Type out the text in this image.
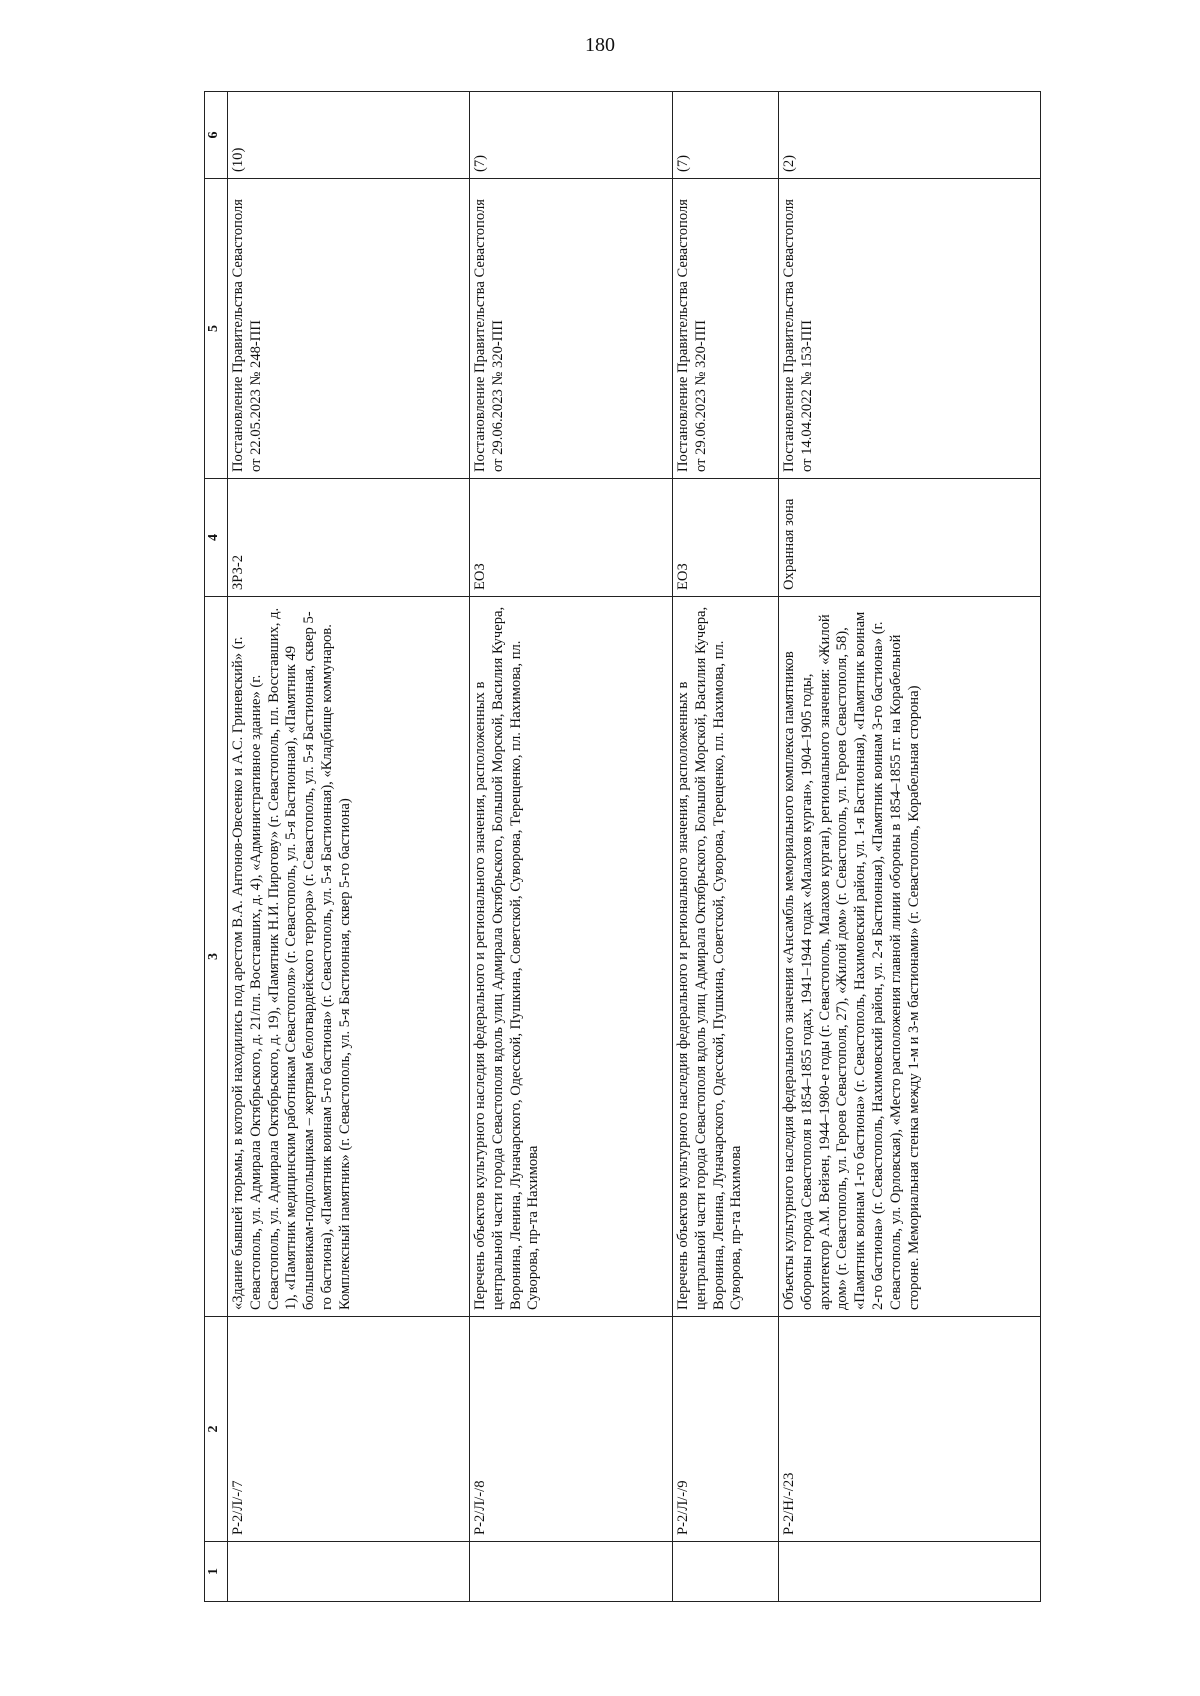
180
1	2	3	4	5	6
	Р-2/Л/-/7	«Здание бывшей тюрьмы, в которой находились под арестом В.А. Антонов-Овсеенко и А.С. Гриневский» (г. Севастополь, ул. Адмирала Октябрьского, д. 21/пл. Восставших, д. 4), «Административное здание» (г. Севастополь, ул. Адмирала Октябрьского, д. 19), «Памятник Н.И. Пирогову» (г. Севастополь, пл. Восставших, д. 1), «Памятник медицинским работникам Севастополя» (г. Севастополь, ул. 5-я Бастионная), «Памятник 49 большевикам-подпольщикам – жертвам белогвардейского террора» (г. Севастополь, ул. 5-я Бастионная, сквер 5-го бастиона), «Памятник воинам 5-го бастиона» (г. Севастополь, ул. 5-я Бастионная), «Кладбище коммунаров. Комплексный памятник» (г. Севастополь, ул. 5-я Бастионная, сквер 5-го бастиона)	ЗРЗ-2	Постановление Правительства Севастополя от 22.05.2023 № 248-ПП	(10)
	Р-2/Л/-/8	Перечень объектов культурного наследия федерального и регионального значения, расположенных в центральной части города Севастополя вдоль улиц Адмирала Октябрьского, Большой Морской, Василия Кучера, Воронина, Ленина, Луначарского, Одесской, Пушкина, Советской, Суворова, Терещенко, пл. Нахимова, пл. Суворова, пр-та Нахимова	ЕОЗ	Постановление Правительства Севастополя от 29.06.2023 № 320-ПП	(7)
	Р-2/Л/-/9	Перечень объектов культурного наследия федерального и регионального значения, расположенных в центральной части города Севастополя вдоль улиц Адмирала Октябрьского, Большой Морской, Василия Кучера, Воронина, Ленина, Луначарского, Одесской, Пушкина, Советской, Суворова, Терещенко, пл. Нахимова, пл. Суворова, пр-та Нахимова	ЕОЗ	Постановление Правительства Севастополя от 29.06.2023 № 320-ПП	(7)
	Р-2/Н/-/23	Объекты культурного наследия федерального значения «Ансамбль мемориального комплекса памятников обороны города Севастополя в 1854–1855 годах, 1941–1944 годах «Малахов курган», 1904–1905 годы, архитектор А.М. Вейзен, 1944–1980-е годы (г. Севастополь, Малахов курган), регионального значения: «Жилой дом» (г. Севастополь, ул. Героев Севастополя, 27), «Жилой дом» (г. Севастополь, ул. Героев Севастополя, 58), «Памятник воинам 1-го бастиона» (г. Севастополь, Нахимовский район, ул. 1-я Бастионная), «Памятник воинам 2-го бастиона» (г. Севастополь, Нахимовский район, ул. 2-я Бастионная), «Памятник воинам 3-го бастиона» (г. Севастополь, ул. Орловская), «Место расположения главной линии обороны в 1854–1855 гг. на Корабельной стороне. Мемориальная стенка между 1-м и 3-м бастионами» (г. Севастополь, Корабельная сторона)	Охранная зона	Постановление Правительства Севастополя от 14.04.2022 № 153-ПП	(2)
